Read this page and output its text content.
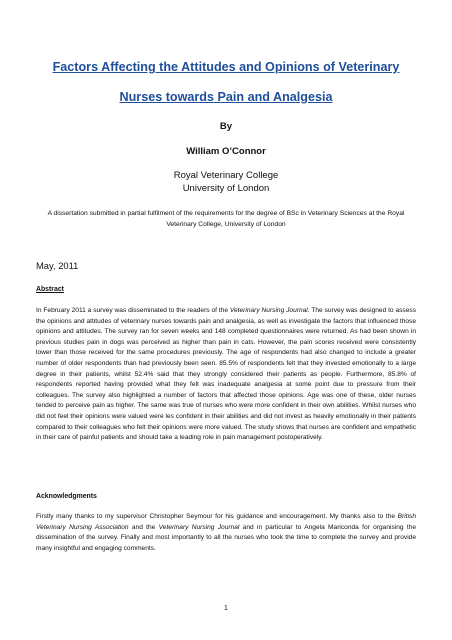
Factors Affecting the Attitudes and Opinions of Veterinary
Nurses towards Pain and Analgesia
By
William O’Connor
Royal Veterinary College
University of London
A dissertation submitted in partial fulfilment of the requirements for the degree of BSc in Veterinary Sciences at the Royal Veterinary College, University of London
May, 2011
Abstract
In February 2011 a survey was disseminated to the readers of the Veterinary Nursing Journal. The survey was designed to assess the opinions and attitudes of veterinary nurses towards pain and analgesia, as well as investigate the factors that influenced those opinions and attitudes. The survey ran for seven weeks and 148 completed questionnaires were returned. As had been shown in previous studies pain in dogs was perceived as higher than pain in cats. However, the pain scores received were consistently lower than those received for the same procedures previously. The age of respondents had also changed to include a greater number of older respondents than had previously been seen. 85.5% of respondents felt that they invested emotionally to a large degree in their patients, whilst 52.4% said that they strongly considered their patients as people. Furthermore, 85.8% of respondents reported having provided what they felt was inadequate analgesia at some point due to pressure from their colleagues. The survey also highlighted a number of factors that affected those opinions. Age was one of these, older nurses tended to perceive pain as higher. The same was true of nurses who were more confident in their own abilities. Whilst nurses who did not feel their opinions were valued were les confident in their abilities and did not invest as heavily emotionally in their patients compared to their colleagues who felt their opinions were more valued. The study shows that nurses are confident and empathetic in their care of painful patients and should take a leading role in pain management postoperatively.
Acknowledgments
Firstly many thanks to my supervisor Christopher Seymour for his guidance and encouragement. My thanks also to the British Veterinary Nursing Association and the Veterinary Nursing Journal and in particular to Angela Mariconda for organising the dissemination of the survey. Finally and most importantly to all the nurses who took the time to complete the survey and provide many insightful and engaging comments.
1
